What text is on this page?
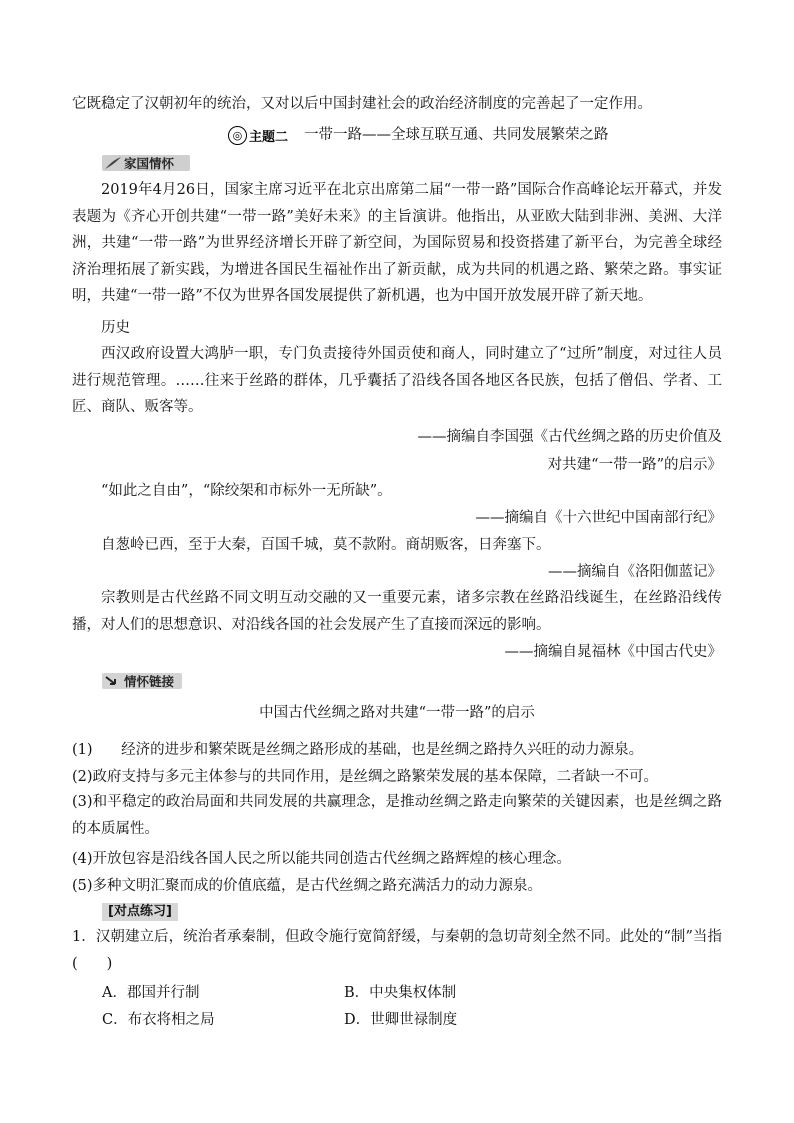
它既稳定了汉朝初年的统治，又对以后中国封建社会的政治经济制度的完善起了一定作用。
◎ 主题二 一带一路——全球互联互通、共同发展繁荣之路
家国情怀
2019年4月26日，国家主席习近平在北京出席第二届“一带一路”国际合作高峰论坛开幕式，并发表题为《齐心开创共建“一带一路”美好未来》的主旨演讲。他指出，从亚欧大陆到非洲、美洲、大洋洲，共建“一带一路”为世界经济增长开辟了新空间，为国际贸易和投资搭建了新平台，为完善全球经济治理拓展了新实践，为增进各国民生福祉作出了新贡献，成为共同的机遇之路、繁荣之路。事实证明，共建“一带一路”不仅为世界各国发展提供了新机遇，也为中国开放发展开辟了新天地。
历史
西汉政府设置大鸿胪一职，专门负责接待外国贡使和商人，同时建立了“过所”制度，对过往人员进行规范管理。……往来于丝路的群体，几乎囊括了沿线各国各地区各民族，包括了僧侣、学者、工匠、商队、贩客等。
——摘编自李国强《古代丝绸之路的历史价值及
对共建“一带一路”的启示》
“如此之自由”，“除绞架和市标外一无所缺”。
——摘编自《十六世纪中国南部行纪》
自葱岭已西，至于大秦，百国千城，莫不款附。商胡贩客，日奔塞下。
——摘编自《洛阳伽蓝记》
宗教则是古代丝路不同文明互动交融的又一重要元素，诸多宗教在丝路沿线诞生，在丝路沿线传播，对人们的思想意识、对沿线各国的社会发展产生了直接而深远的影响。
——摘编自晁福林《中国古代史》
情怀链接
中国古代丝绸之路对共建“一带一路”的启示
(1) 经济的进步和繁荣既是丝绸之路形成的基础，也是丝绸之路持久兴旺的动力源泉。
(2)政府支持与多元主体参与的共同作用，是丝绸之路繁荣发展的基本保障，二者缺一不可。
(3)和平稳定的政治局面和共同发展的共赢理念，是推动丝绸之路走向繁荣的关键因素，也是丝绸之路的本质属性。
(4)开放包容是沿线各国人民之所以能共同创造古代丝绸之路辉煌的核心理念。
(5)多种文明汇聚而成的价值底蕴，是古代丝绸之路充满活力的动力源泉。
[对点练习]
1．汉朝建立后，统治者承秦制，但政令施行宽简舒缓，与秦朝的急切苛刻全然不同。此处的“制”当指(　　)
A．郡国并行制	B．中央集权体制
C．布衣将相之局	D．世卿世禄制度
